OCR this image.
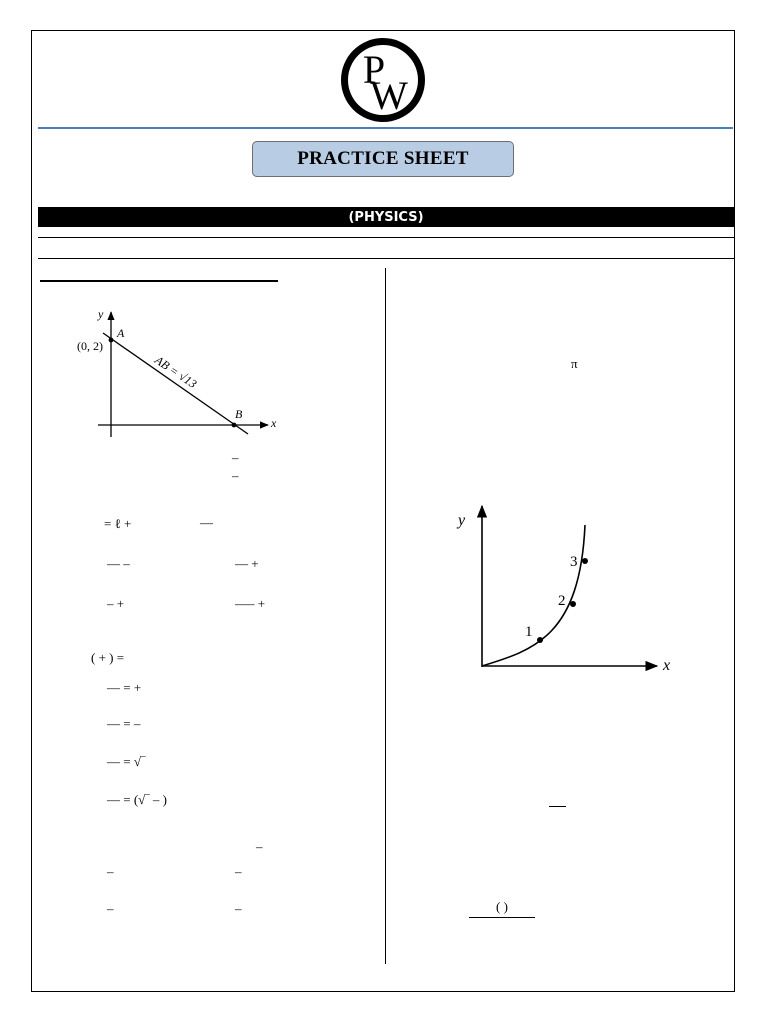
P
W
PRACTICE SHEET
(PHYSICS)
y
x
A
(0, 2)
B
AB = √13
–
–
= ℓ +	—
— –	— +
– +	–— +
( + ) =
— = +
— = –
— = √‾
— = (√‾ – )
–
–	–
–	–
π
y
x
1
2
3
( )
